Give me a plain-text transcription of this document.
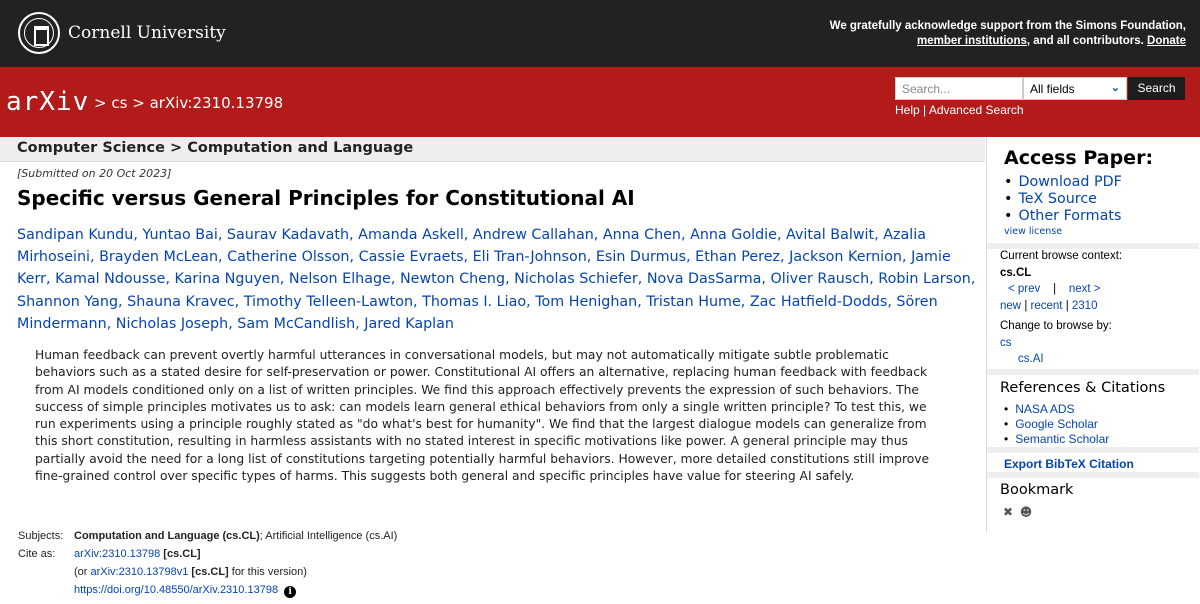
Cornell University	We gratefully acknowledge support from the Simons Foundation,
member institutions, and all contributors. Donate
arXiv > cs > arXiv:2310.13798
Search...	All fields	⌄	Search
Help | Advanced Search
Computer Science > Computation and Language
[Submitted on 20 Oct 2023]
Specific versus General Principles for Constitutional AI
Sandipan Kundu, Yuntao Bai, Saurav Kadavath, Amanda Askell, Andrew Callahan, Anna Chen, Anna Goldie, Avital Balwit, Azalia Mirhoseini, Brayden McLean, Catherine Olsson, Cassie Evraets, Eli Tran-Johnson, Esin Durmus, Ethan Perez, Jackson Kernion, Jamie Kerr, Kamal Ndousse, Karina Nguyen, Nelson Elhage, Newton Cheng, Nicholas Schiefer, Nova DasSarma, Oliver Rausch, Robin Larson, Shannon Yang, Shauna Kravec, Timothy Telleen-Lawton, Thomas I. Liao, Tom Henighan, Tristan Hume, Zac Hatfield-Dodds, Sören Mindermann, Nicholas Joseph, Sam McCandlish, Jared Kaplan
Human feedback can prevent overtly harmful utterances in conversational models, but may not automatically mitigate subtle problematic behaviors such as a stated desire for self-preservation or power. Constitutional AI offers an alternative, replacing human feedback with feedback from AI models conditioned only on a list of written principles. We find this approach effectively prevents the expression of such behaviors. The success of simple principles motivates us to ask: can models learn general ethical behaviors from only a single written principle? To test this, we run experiments using a principle roughly stated as "do what's best for humanity". We find that the largest dialogue models can generalize from this short constitution, resulting in harmless assistants with no stated interest in specific motivations like power. A general principle may thus partially avoid the need for a long list of constitutions targeting potentially harmful behaviors. However, more detailed constitutions still improve fine-grained control over specific types of harms. This suggests both general and specific principles have value for steering AI safely.
Subjects: Computation and Language (cs.CL); Artificial Intelligence (cs.AI)
Cite as:	arXiv:2310.13798 [cs.CL]
(or arXiv:2310.13798v1 [cs.CL] for this version)
https://doi.org/10.48550/arXiv.2310.13798 i
Access Paper:
• Download PDF
• TeX Source
• Other Formats
view license
Current browse context:
cs.CL
< prev | next >
new | recent | 2310
Change to browse by:
cs
cs.AI
References & Citations
• NASA ADS
• Google Scholar
• Semantic Scholar
Export BibTeX Citation
Bookmark
✖ ☻
